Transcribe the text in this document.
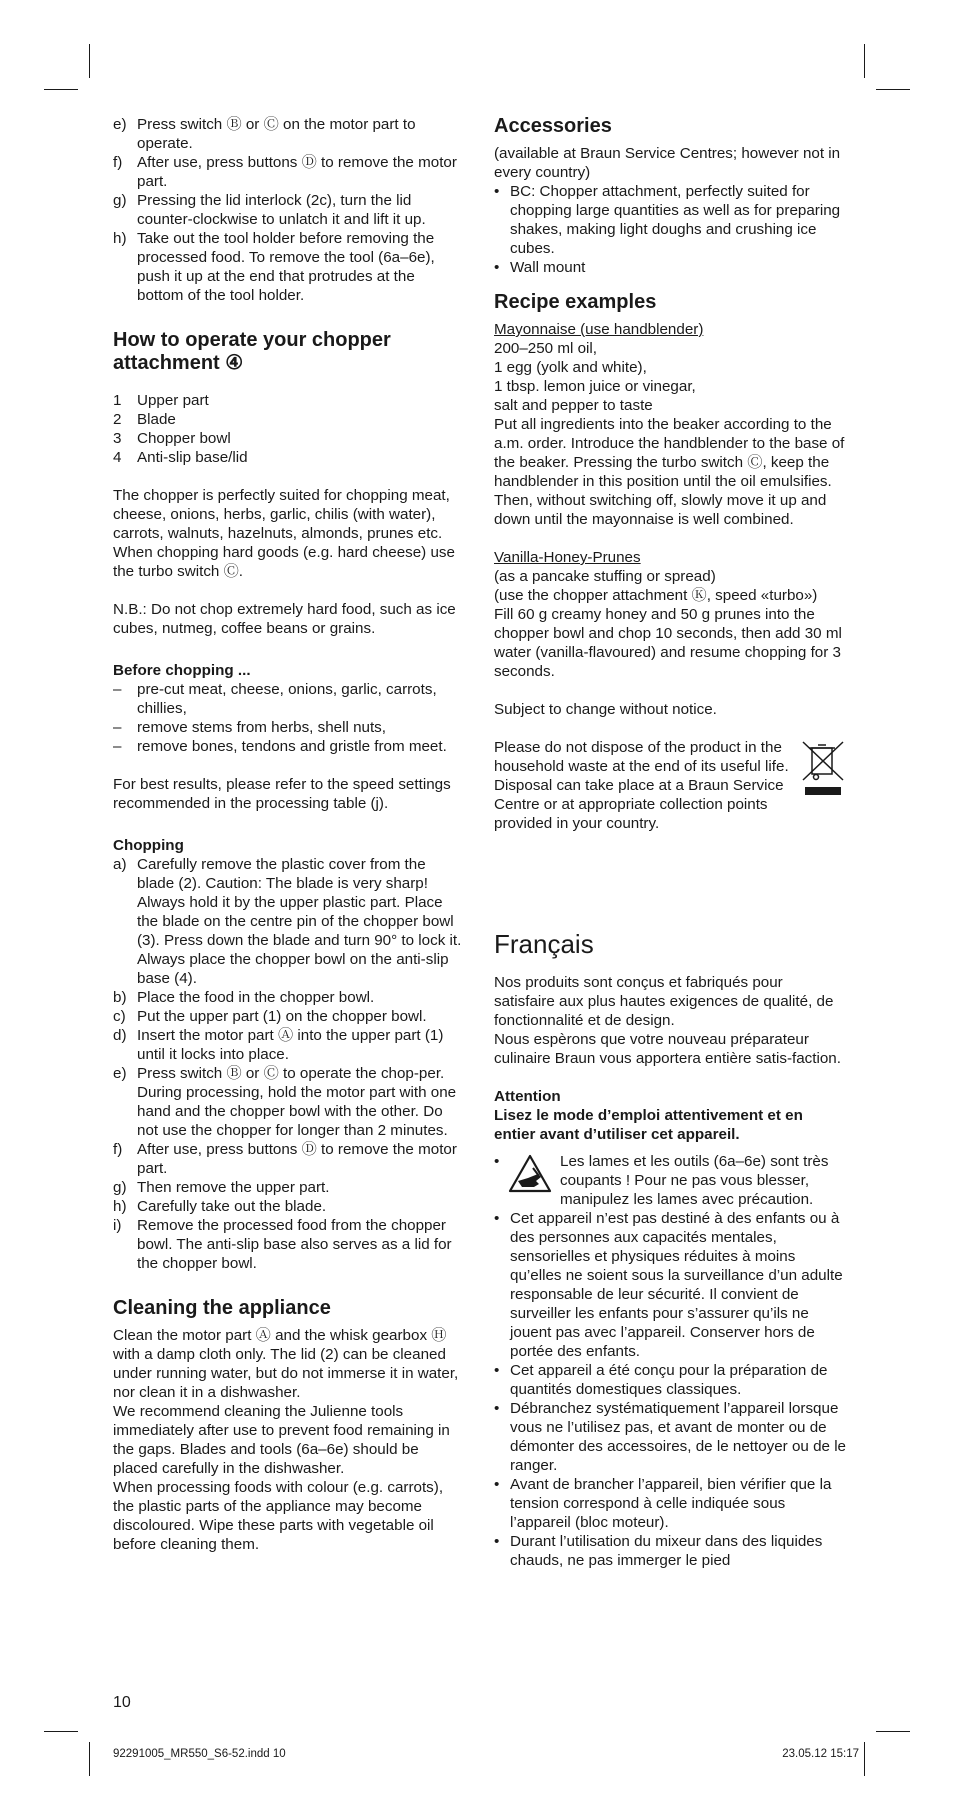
e) Press switch Ⓑ or Ⓒ on the motor part to operate.
f) After use, press buttons Ⓓ to remove the motor part.
g) Pressing the lid interlock (2c), turn the lid counter-clockwise to unlatch it and lift it up.
h) Take out the tool holder before removing the processed food. To remove the tool (6a–6e), push it up at the end that protrudes at the bottom of the tool holder.
How to operate your chopper attachment ④
1 Upper part
2 Blade
3 Chopper bowl
4 Anti-slip base/lid

The chopper is perfectly suited for chopping meat, cheese, onions, herbs, garlic, chilis (with water), carrots, walnuts, hazelnuts, almonds, prunes etc.

When chopping hard goods (e.g. hard cheese) use the turbo switch Ⓒ.

N.B.: Do not chop extremely hard food, such as ice cubes, nutmeg, coffee beans or grains.

Before chopping ...
– pre-cut meat, cheese, onions, garlic, carrots, chillies,
– remove stems from herbs, shell nuts,
– remove bones, tendons and gristle from meet.

For best results, please refer to the speed settings recommended in the processing table (j).

Chopping
a) Carefully remove the plastic cover from the blade (2). Caution: The blade is very sharp! Always hold it by the upper plastic part. Place the blade on the centre pin of the chopper bowl (3). Press down the blade and turn 90° to lock it. Always place the chopper bowl on the anti-slip base (4).
b) Place the food in the chopper bowl.
c) Put the upper part (1) on the chopper bowl.
d) Insert the motor part Ⓐ into the upper part (1) until it locks into place.
e) Press switch Ⓑ or Ⓒ to operate the chop-per. During processing, hold the motor part with one hand and the chopper bowl with the other. Do not use the chopper for longer than 2 minutes.
f) After use, press buttons Ⓓ to remove the motor part.
g) Then remove the upper part.
h) Carefully take out the blade.
i) Remove the processed food from the chopper bowl. The anti-slip base also serves as a lid for the chopper bowl.
Cleaning the appliance

Clean the motor part Ⓐ and the whisk gearbox Ⓗ with a damp cloth only. The lid (2) can be cleaned under running water, but do not immerse it in water, nor clean it in a dishwasher.

We recommend cleaning the Julienne tools immediately after use to prevent food remaining in the gaps. Blades and tools (6a–6e) should be placed carefully in the dishwasher.

When processing foods with colour (e.g. carrots), the plastic parts of the appliance may become discoloured. Wipe these parts with vegetable oil before cleaning them.

Accessories

(available at Braun Service Centres; however not in every country)

• BC: Chopper attachment, perfectly suited for chopping large quantities as well as for preparing shakes, making light doughs and crushing ice cubes.
• Wall mount
Recipe examples

Mayonnaise (use handblender)

200–250 ml oil,

1 egg (yolk and white),

1 tbsp. lemon juice or vinegar,

salt and pepper to taste

Put all ingredients into the beaker according to the a.m. order. Introduce the handblender to the base of the beaker. Pressing the turbo switch Ⓒ, keep the handblender in this position until the oil emulsifies. Then, without switching off, slowly move it up and down until the mayonnaise is well combined.

Vanilla-Honey-Prunes

(as a pancake stuffing or spread)

(use the chopper attachment Ⓚ, speed «turbo»)

Fill 60 g creamy honey and 50 g prunes into the chopper bowl and chop 10 seconds, then add 30 ml water (vanilla-flavoured) and resume chopping for 3 seconds.

Subject to change without notice.

Please do not dispose of the product in the household waste at the end of its useful life. Disposal can take place at a Braun Service Centre or at appropriate collection points provided in your country.

Français

Nos produits sont conçus et fabriqués pour satisfaire aux plus hautes exigences de qualité, de fonctionnalité et de design.

Nous espèrons que votre nouveau préparateur culinaire Braun vous apportera entière satis-faction.

Attention
Lisez le mode d’emploi attentivement et en entier avant d’utiliser cet appareil.
•	Les lames et les outils (6a–6e) sont très coupants ! Pour ne pas vous blesser, manipulez les lames avec précaution.

• Cet appareil n’est pas destiné à des enfants ou à des personnes aux capacités mentales, sensorielles et physiques réduites à moins qu’elles ne soient sous la surveillance d’un adulte responsable de leur sécurité. Il convient de surveiller les enfants pour s’assurer qu’ils ne jouent pas avec l’appareil. Conserver hors de portée des enfants.
• Cet appareil a été conçu pour la préparation de quantités domestiques classiques.
• Débranchez systématiquement l’appareil lorsque vous ne l’utilisez pas, et avant de monter ou de démonter des accessoires, de le nettoyer ou de le ranger.
• Avant de brancher l’appareil, bien vérifier que la tension correspond à celle indiquée sous l’appareil (bloc moteur).
• Durant l’utilisation du mixeur dans des liquides chauds, ne pas immerger le pied
10
92291005_MR550_S6-52.indd 10	23.05.12 15:17
